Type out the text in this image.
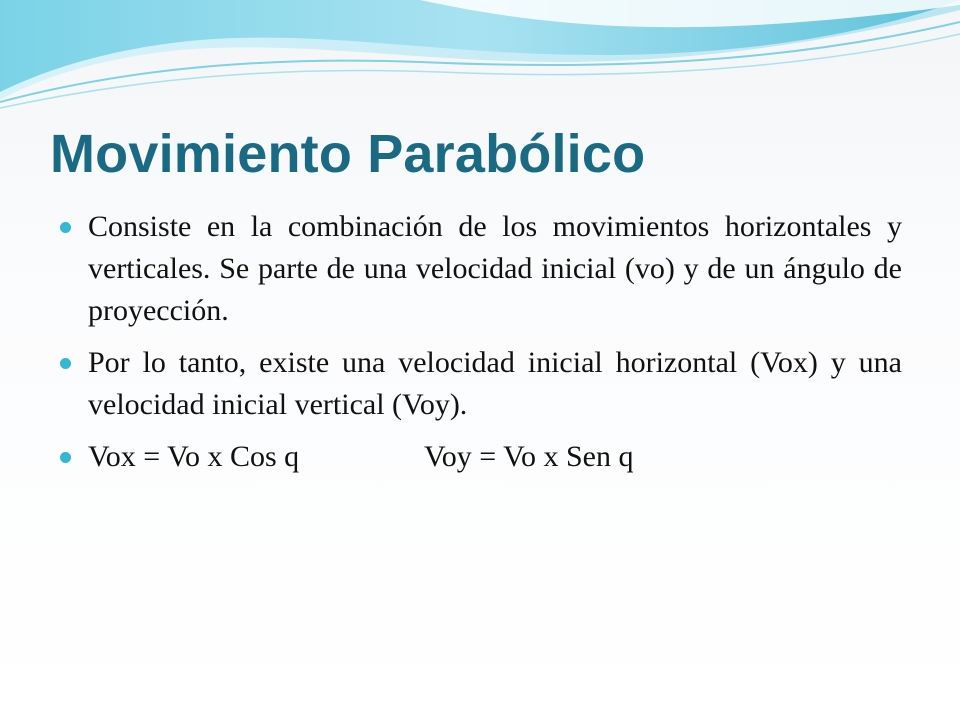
Movimiento Parabólico
Consiste en la combinación de los movimientos horizontales y verticales. Se parte de una velocidad inicial (vo) y de un ángulo de proyección.
Por lo tanto, existe una velocidad inicial horizontal (Vox) y una velocidad inicial vertical (Voy).
Vox = Vo x Cos q	Voy = Vo x Sen q
